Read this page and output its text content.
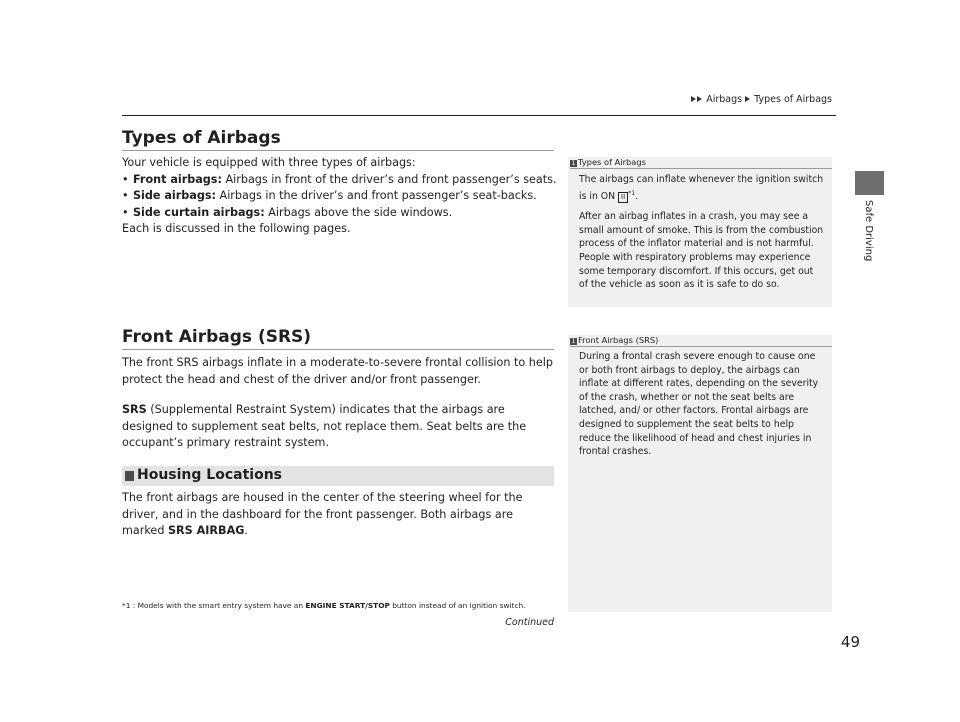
Airbags Types of Airbags
Safe Driving
Types of Airbags

Your vehicle is equipped with three types of airbags:

• Front airbags: Airbags in front of the driver’s and front passenger’s seats.

• Side airbags: Airbags in the driver’s and front passenger’s seat-backs.

• Side curtain airbags: Airbags above the side windows.

Each is discussed in the following pages.

1 Types of Airbags

The airbags can inflate whenever the ignition switch is in ON II $^{*1}$.

After an airbag inflates in a crash, you may see a small amount of smoke. This is from the combustion process of the inflator material and is not harmful. People with respiratory problems may experience some temporary discomfort. If this occurs, get out of the vehicle as soon as it is safe to do so.

Front Airbags (SRS)

The front SRS airbags inflate in a moderate-to-severe frontal collision to help protect the head and chest of the driver and/or front passenger.

SRS (Supplemental Restraint System) indicates that the airbags are designed to supplement seat belts, not replace them. Seat belts are the occupant’s primary restraint system.

Housing Locations

The front airbags are housed in the center of the steering wheel for the driver, and in the dashboard for the front passenger. Both airbags are marked SRS AIRBAG.

1 Front Airbags (SRS)

During a frontal crash severe enough to cause one or both front airbags to deploy, the airbags can inflate at different rates, depending on the severity of the crash, whether or not the seat belts are latched, and/ or other factors. Frontal airbags are designed to supplement the seat belts to help reduce the likelihood of head and chest injuries in frontal crashes.

*1 : Models with the smart entry system have an ENGINE START/STOP button instead of an ignition switch.
Continued
49
